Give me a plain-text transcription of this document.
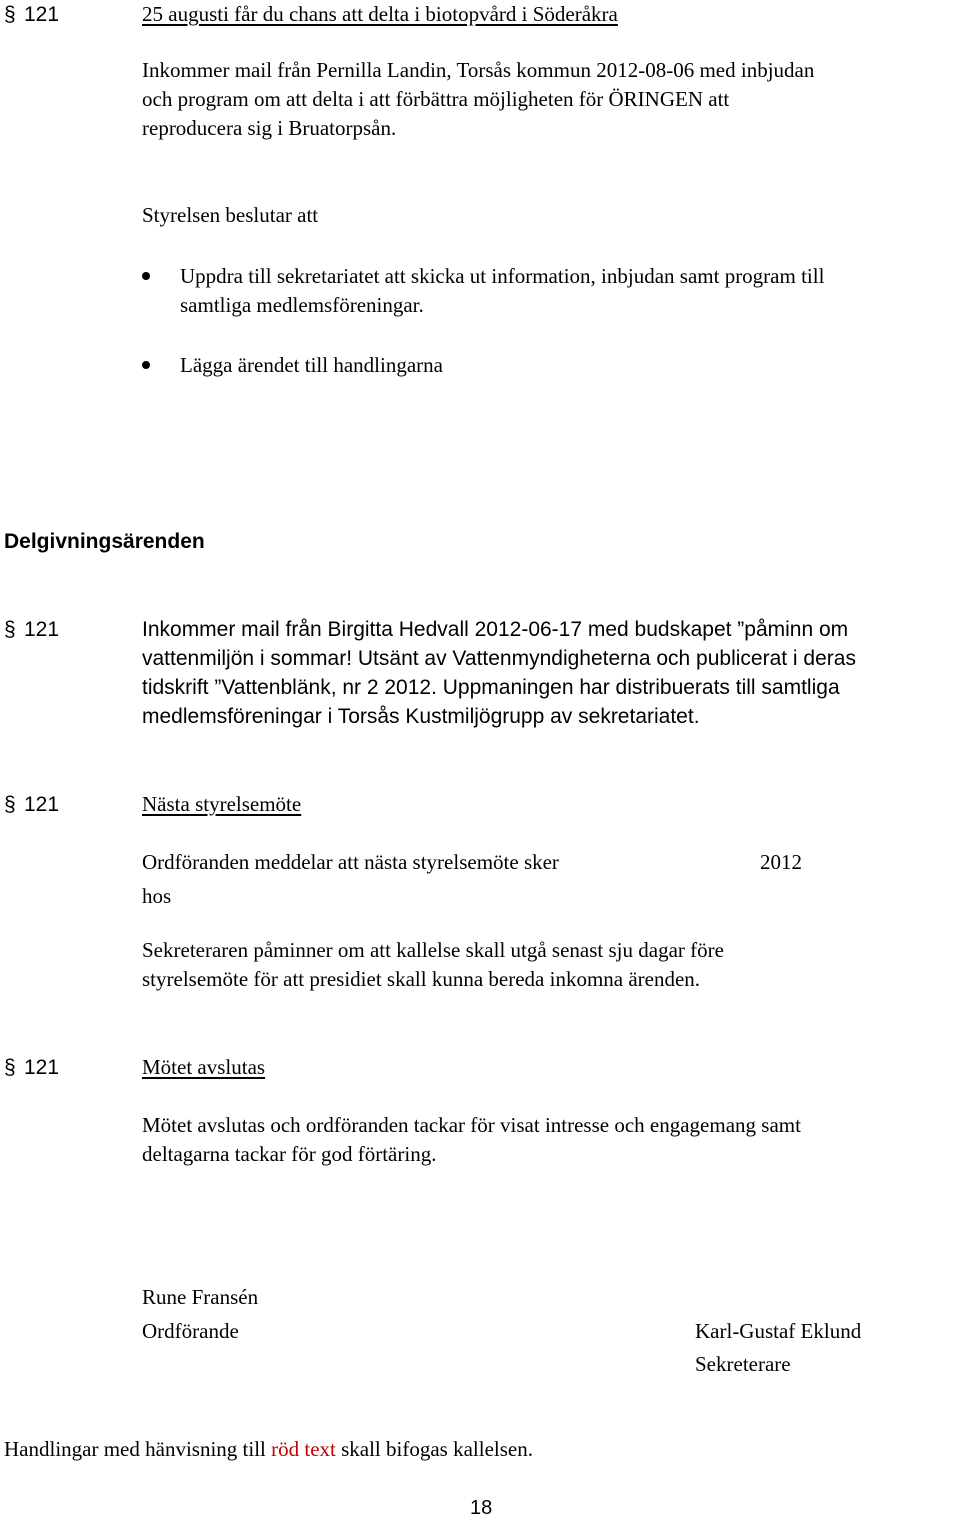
§ 121	25 augusti får du chans att delta i biotopvård i Söderåkra
Inkommer mail från Pernilla Landin, Torsås kommun 2012-08-06 med inbjudan
och program om att delta i att förbättra möjligheten för ÖRINGEN att
reproducera sig i Bruatorpsån.
Styrelsen beslutar att
Uppdra till sekretariatet att skicka ut information, inbjudan samt program till
samtliga medlemsföreningar.
Lägga ärendet till handlingarna
Delgivningsärenden
§ 121	Inkommer mail från Birgitta Hedvall 2012-06-17 med budskapet ”påminn om
vattenmiljön i sommar! Utsänt av Vattenmyndigheterna och publicerat i deras
tidskrift ”Vattenblänk, nr 2 2012. Uppmaningen har distribuerats till samtliga
medlemsföreningar i Torsås Kustmiljögrupp av sekretariatet.
§ 121	Nästa styrelsemöte
Ordföranden meddelar att nästa styrelsemöte sker	2012
hos
Sekreteraren påminner om att kallelse skall utgå senast sju dagar före
styrelsemöte för att presidiet skall kunna bereda inkomna ärenden.
§ 121	Mötet avslutas
Mötet avslutas och ordföranden tackar för visat intresse och engagemang samt
deltagarna tackar för god förtäring.
Rune Fransén
Ordförande	Karl-Gustaf Eklund
Sekreterare
Handlingar med hänvisning till röd text skall bifogas kallelsen.
18
